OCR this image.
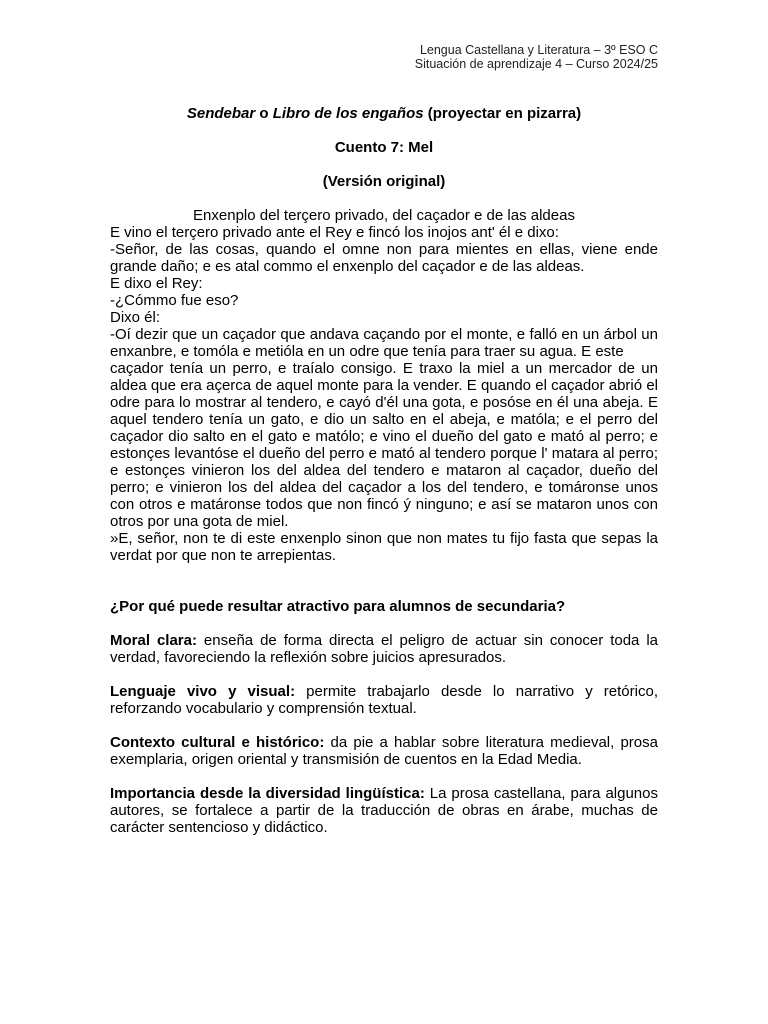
Lengua Castellana y Literatura – 3º ESO C
Situación de aprendizaje 4 – Curso 2024/25
Sendebar o Libro de los engaños (proyectar en pizarra)
Cuento 7: Mel
(Versión original)

Enxenplo del terçero privado, del caçador e de las aldeas

E vino el terçero privado ante el Rey e fincó los inojos ant' él e dixo:

-Señor, de las cosas, quando el omne non para mientes en ellas, viene ende grande daño; e es atal commo el enxenplo del caçador e de las aldeas.

E dixo el Rey:

-¿Cómmo fue eso?

Dixo él:

-Oí dezir que un caçador que andava caçando por el monte, e falló en un árbol un enxanbre, e tomóla e metióla en un odre que tenía para traer su agua. E este

caçador tenía un perro, e traíalo consigo. E traxo la miel a un mercador de un aldea que era açerca de aquel monte para la vender. E quando el caçador abrió el odre para lo mostrar al tendero, e cayó d'él una gota, e posóse en él una abeja. E aquel tendero tenía un gato, e dio un salto en el abeja, e matóla; e el perro del caçador dio salto en el gato e matólo; e vino el dueño del gato e mató al perro; e estonçes levantóse el dueño del perro e mató al tendero porque l' matara al perro; e estonçes vinieron los del aldea del tendero e mataron al caçador, dueño del perro; e vinieron los del aldea del caçador a los del tendero, e tomáronse unos con otros e matáronse todos que non fincó ý ninguno; e así se mataron unos con otros por una gota de miel.

»E, señor, non te di este enxenplo sinon que non mates tu fijo fasta que sepas la verdat por que non te arrepientas.

¿Por qué puede resultar atractivo para alumnos de secundaria?

Moral clara: enseña de forma directa el peligro de actuar sin conocer toda la verdad, favoreciendo la reflexión sobre juicios apresurados.

Lenguaje vivo y visual: permite trabajarlo desde lo narrativo y retórico, reforzando vocabulario y comprensión textual.

Contexto cultural e histórico: da pie a hablar sobre literatura medieval, prosa exemplaria, origen oriental y transmisión de cuentos en la Edad Media.

Importancia desde la diversidad lingüística: La prosa castellana, para algunos autores, se fortalece a partir de la traducción de obras en árabe, muchas de carácter sentencioso y didáctico.
